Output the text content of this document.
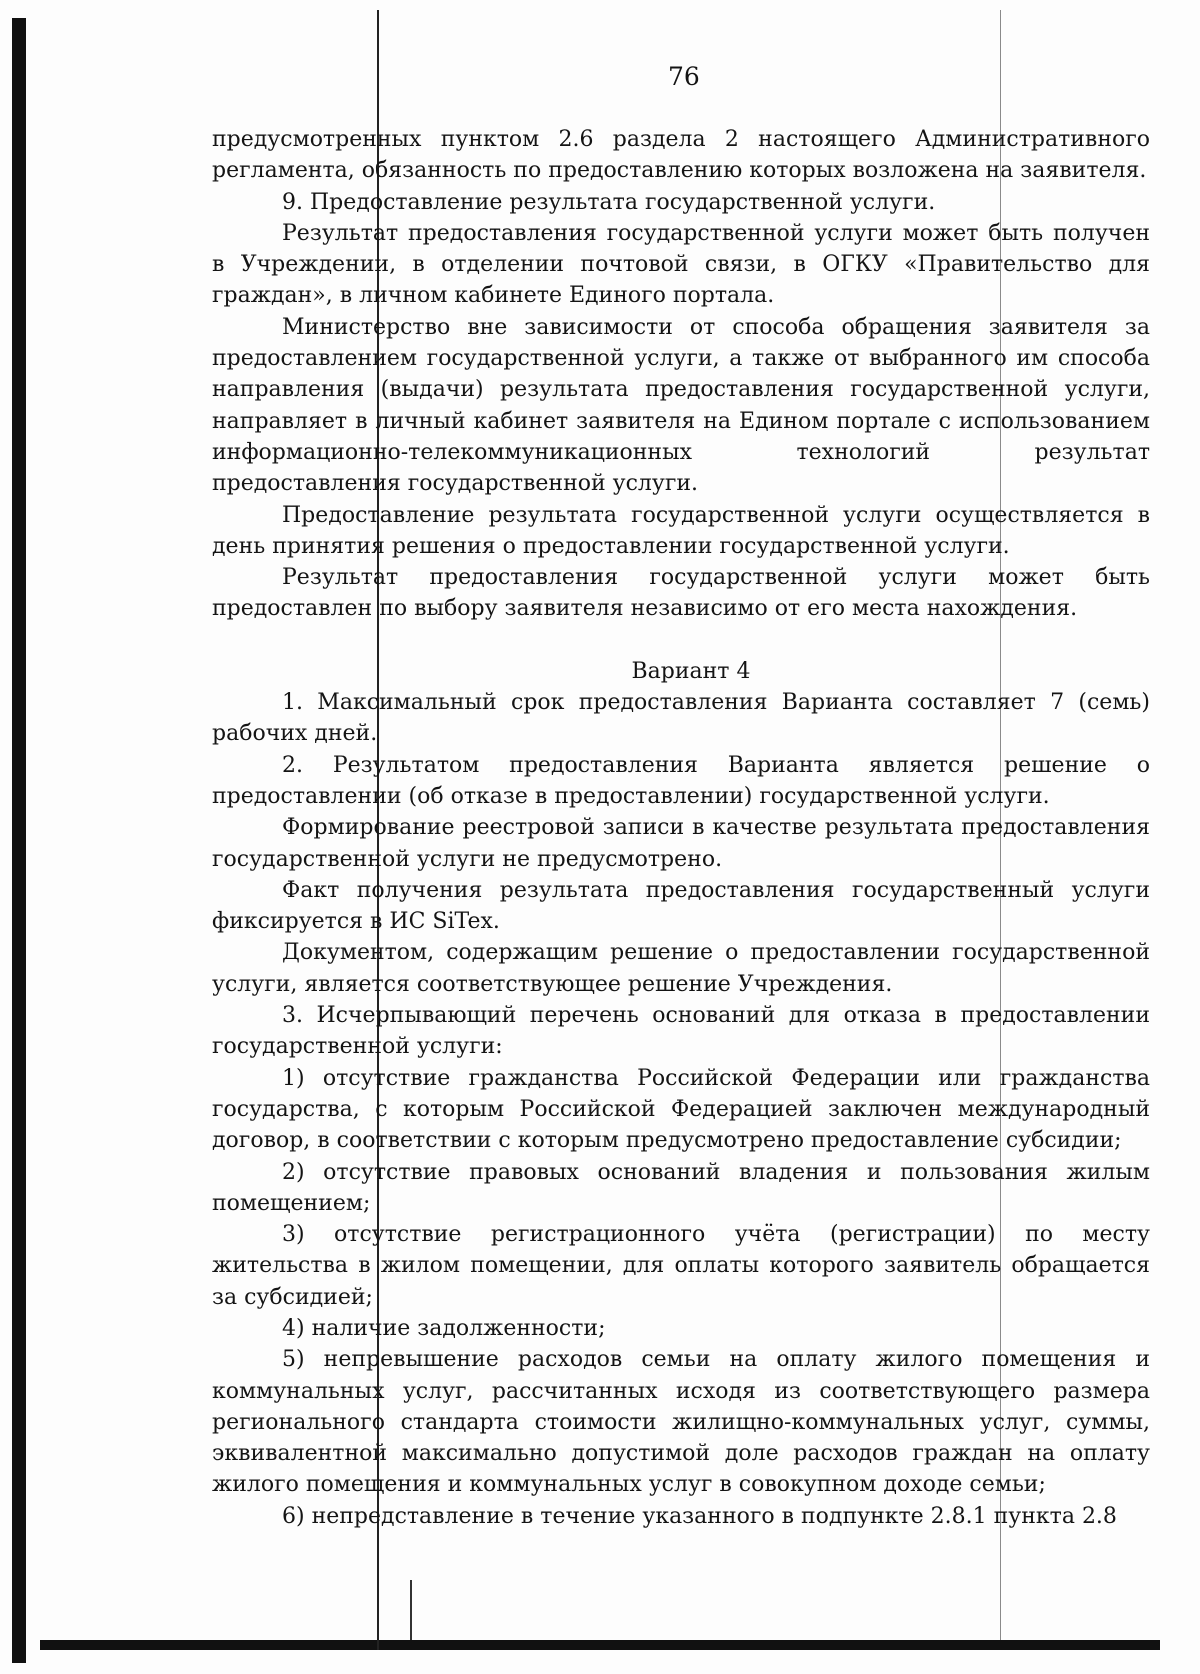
76

предусмотренных пунктом 2.6 раздела 2 настоящего Административного регламента, обязанность по предоставлению которых возложена на заявителя.

9. Предоставление результата государственной услуги.

Результат предоставления государственной услуги может быть получен в Учреждении, в отделении почтовой связи, в ОГКУ «Правительство для граждан», в личном кабинете Единого портала.

Министерство вне зависимости от способа обращения заявителя за предоставлением государственной услуги, а также от выбранного им способа направления (выдачи) результата предоставления государственной услуги, направляет в личный кабинет заявителя на Едином портале с использованием информационно-телекоммуникационных технологий результат предоставления государственной услуги.

Предоставление результата государственной услуги осуществляется в день принятия решения о предоставлении государственной услуги.

Результат предоставления государственной услуги может быть предоставлен по выбору заявителя независимо от его места нахождения.

Вариант 4

1. Максимальный срок предоставления Варианта составляет 7 (семь) рабочих дней.

2. Результатом предоставления Варианта является решение о предоставлении (об отказе в предоставлении) государственной услуги.

Формирование реестровой записи в качестве результата предоставления государственной услуги не предусмотрено.

Факт получения результата предоставления государственный услуги фиксируется в ИС SiTex.

Документом, содержащим решение о предоставлении государственной услуги, является соответствующее решение Учреждения.

3. Исчерпывающий перечень оснований для отказа в предоставлении государственной услуги:

1) отсутствие гражданства Российской Федерации или гражданства государства, с которым Российской Федерацией заключен международный договор, в соответствии с которым предусмотрено предоставление субсидии;

2) отсутствие правовых оснований владения и пользования жилым помещением;

3) отсутствие регистрационного учёта (регистрации) по месту жительства в жилом помещении, для оплаты которого заявитель обращается за субсидией;

4) наличие задолженности;

5) непревышение расходов семьи на оплату жилого помещения и коммунальных услуг, рассчитанных исходя из соответствующего размера регионального стандарта стоимости жилищно-коммунальных услуг, суммы, эквивалентной максимально допустимой доле расходов граждан на оплату жилого помещения и коммунальных услуг в совокупном доходе семьи;

6) непредставление в течение указанного в подпункте 2.8.1 пункта 2.8
